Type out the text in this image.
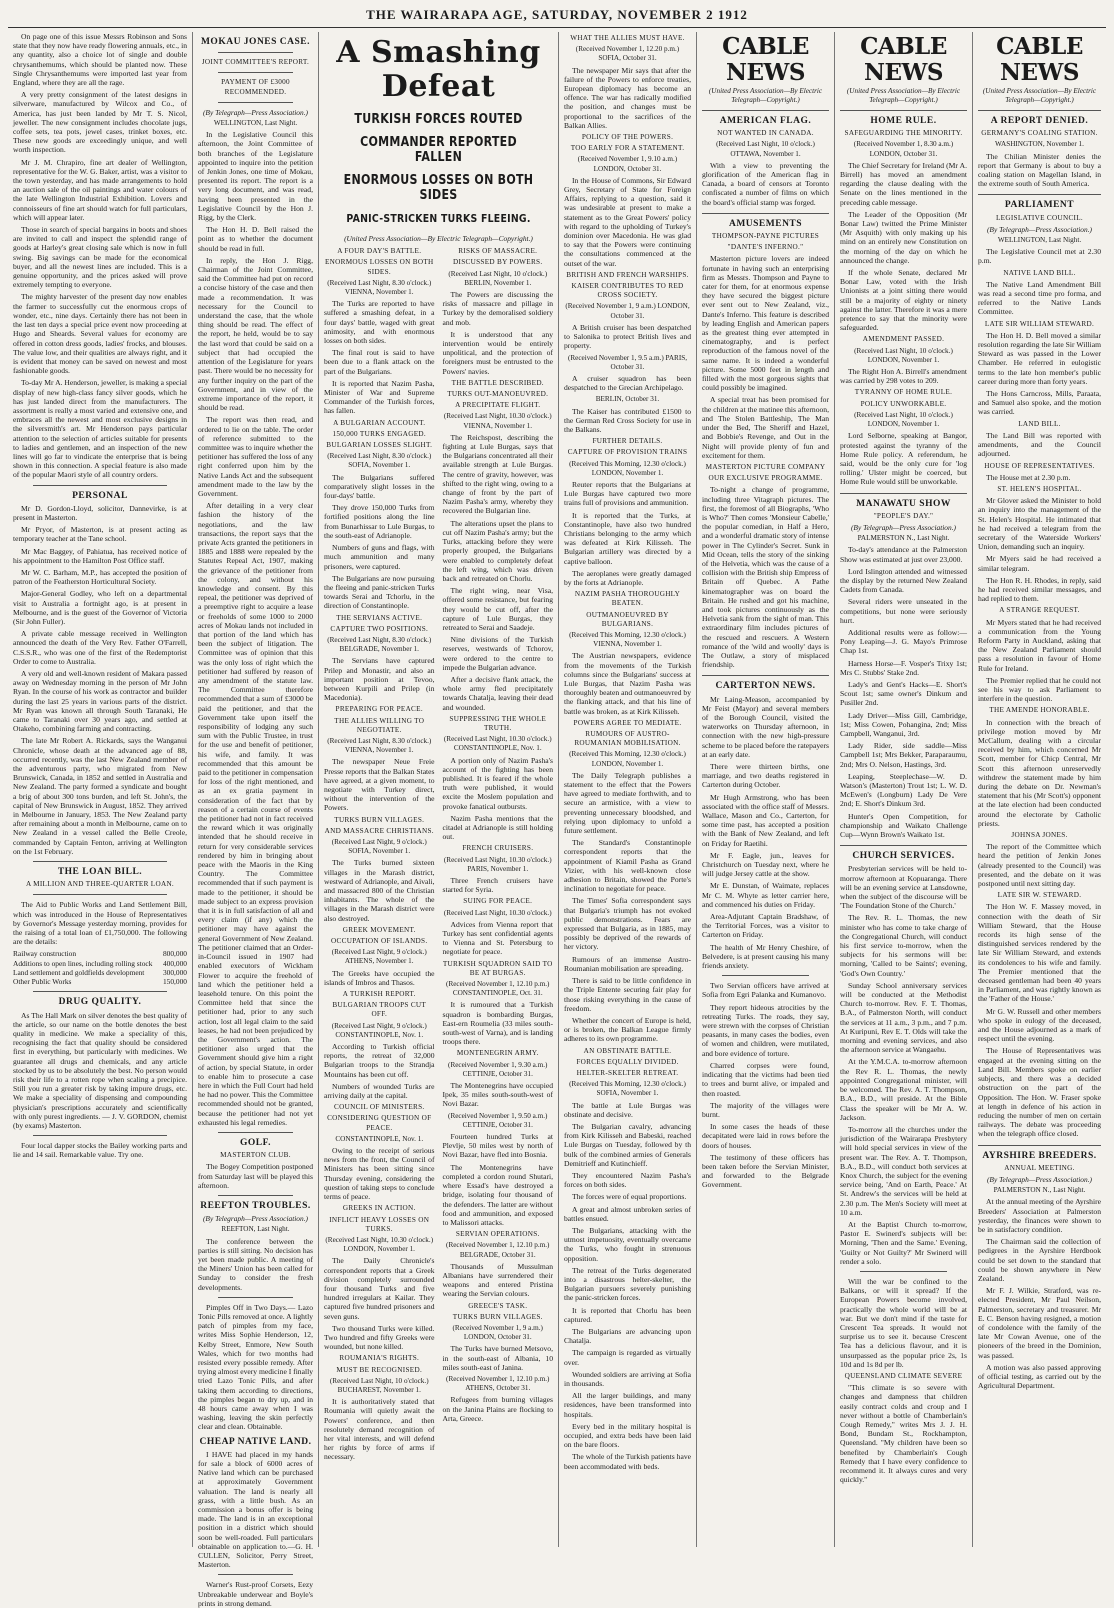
THE WAIRARAPA AGE, SATURDAY, NOVEMBER 2 1912

On page one of this issue Messrs Robinson and Sons state that they now have ready flowering annuals, etc., in any quantity, also a choice lot of single and double chrysanthemums, which should be planted now. These Single Chrysanthemums were imported last year from England, where they are all the rage.

A very pretty consignment of the latest designs in silverware, manufactured by Wilcox and Co., of America, has just been landed by Mr T. S. Nicol, jeweller. The new consignment includes chocolate jugs, coffee sets, tea pots, jewel cases, trinket boxes, etc. These new goods are exceedingly unique, and well worth inspection.

Mr J. M. Chrapiro, fine art dealer of Wellington, representative for the W. G. Baker, artist, was a visitor to the town yesterday, and has made arrangements to hold an auction sale of the oil paintings and water colours of the late Wellington Industrial Exhibition. Lovers and connoisseurs of fine art should watch for full particulars, which will appear later.

Those in search of special bargains in boots and shoes are invited to call and inspect the splendid range of goods at Harley's great closing sale which is now in full swing. Big savings can be made for the economical buyer, and all the newest lines are included. This is a genuine opportunity, and the prices asked will prove extremely tempting to everyone.

The mighty harvester of the present day now enables the farmer to successfully cut the enormous crops of wonder, etc., nine days. Certainly there has not been in the last ten days a special price event now proceeding at Hugo and Sheards. Several values for economy are offered in cotton dress goods, ladies' frocks, and blouses. The value low, and their qualities are always right, and it is evident that money can be saved on newest and most fashionable goods.

To-day Mr A. Henderson, jeweller, is making a special display of new high-class fancy silver goods, which he has just landed direct from the manufacturers. The assortment is really a most varied and extensive one, and embraces all the newest and most exclusive designs in the silversmith's art. Mr Henderson pays particular attention to the selection of articles suitable for presents to ladies and gentlemen, and an inspection of the new lines will go far to vindicate the enterprise that is being shown in this connection. A special feature is also made of the popular Maori style of all country orders.

PERSONAL

Mr D. Gordon-Lloyd, solicitor, Dannevirke, is at present in Masterton.

Mr Pryor, of Masterton, is at present acting as temporary teacher at the Tane school.

Mr Mac Baggey, of Pahiatua, has received notice of his appointment to the Hamilton Post Office staff.

Mr W. C. Barham, M.P., has accepted the position of patron of the Featherston Horticultural Society.

Major-General Godley, who left on a departmental visit to Australia a fortnight ago, is at present in Melbourne, and is the guest of the Governor of Victoria (Sir John Fuller).

A private cable message received in Wellington announced the death of the Very Rev. Father O'Farrell, C.S.S.R., who was one of the first of the Redemptorist Order to come to Australia.

A very old and well-known resident of Makara passed away on Wednesday morning in the person of Mr John Ryan. In the course of his work as contractor and builder during the last 25 years in various parts of the district. Mr Ryan was known all through South Taranaki, He came to Taranaki over 30 years ago, and settled at Otakeho, combining farming and contracting.

The late Mr Robert A. Rickards, says the Wanganui Chronicle, whose death at the advanced age of 88, occurred recently, was the last New Zealand member of the adventurous party, who migrated from New Brunswick, Canada, in 1852 and settled in Australia and New Zealand. The party formed a syndicate and bought a brig of about 300 tons burden, and left St. John's, the capital of New Brunswick in August, 1852. They arrived in Melbourne in January, 1853. The New Zealand party after remaining about a month in Melbourne, came on to New Zealand in a vessel called the Belle Creole, commanded by Captain Fenton, arriving at Wellington on the 1st February.

THE LOAN BILL.
A MILLION AND THREE-QUARTER LOAN.

The Aid to Public Works and Land Settlement Bill, which was introduced in the House of Representatives by Governor's Message yesterday morning, provides for the raising of a total loan of £1,750,000. The following are the details:

Railway construction	800,000
Additions to open lines, including rolling stock 400,000
Land settlement and goldfields development	300,000
Other Public Works	150,000
DRUG QUALITY.

As The Hall Mark on silver denotes the best quality of the article, so our name on the bottle denotes the best quality in medicine. We make a speciality of this, recognising the fact that quality should be considered first in everything, but particularly with medicines. We guarantee all drugs and chemicals, and any article stocked by us to be absolutely the best. No person would risk their life to a rotten rope when scaling a precipice. Still you run a greater risk by taking impure drugs, etc. We make a speciality of dispensing and compounding physician's prescriptions accurately and scientifically with only purest ingredients. — J. V. GORDON, chemist (by exams) Masterton.

Four local dapper stocks the Bailey working parts and lie and 14 sail. Remarkable value. Try one.

MOKAU JONES CASE.
JOINT COMMITTEE'S REPORT.
PAYMENT OF £3000 RECOMMENDED.
(By Telegraph—Press Association.)
WELLINGTON, Last Night.

In the Legislative Council this afternoon, the Joint Committee of both branches of the Legislature appointed to inquire into the petition of Jenkin Jones, one time of Mokau, presented its report. The report is a very long document, and was read, having been presented in the Legislative Council by the Hon J. Rigg, by the Clerk.

The Hon H. D. Bell raised the point as to whether the document should be read in full.

In reply, the Hon J. Rigg, Chairman of the Joint Committee, said the Committee had put on record a concise history of the case and then made a recommendation. It was necessary for the Council to understand the case, that the whole thing should be read. The effect of the report, he held, would be to say the last word that could be said on a subject that had occupied the attention of the Legislature for years past. There would be no necessity for any further inquiry on the part of the Government, and in view of the extreme importance of the report, it should be read.

The report was then read, and ordered to lie on the table. The order of reference submitted to the committee was to inquire whether the petitioner has suffered the loss of any right conferred upon him by the Native Lands Act and the subsequent amendment made to the law by the Government.

After detailing in a very clear fashion the history of the negotiations, and the law transactions, the report says that the private Acts granted the petitioners in 1885 and 1888 were repealed by the Statutes Repeal Act, 1907, making the grievance of the petitioner from the colony, and without his knowledge and consent. By this repeal, the petitioner was deprived of a preemptive right to acquire a lease or freeholds of some 1000 to 2000 acres of Mokau lands not included in that portion of the land which has been the subject of litigation. The Committee was of opinion that this was the only loss of right which the petitioner had suffered by reason of any amendment of the statute law. The Committee therefore recommended that a sum of £3000 be paid the petitioner, and that the Government take upon itself the responsibility of lodging any such sum with the Public Trustee, in trust for the use and benefit of petitioner, his wife, and family. It was recommended that this amount be paid to the petitioner in compensation for loss of the right mentioned, and as an ex gratia payment in consideration of the fact that by reason of a certain course of events the petitioner had not in fact received the reward which it was originally intended that he should receive in return for very considerable services rendered by him in bringing about peace with the Maoris in the King Country. The Committee recommended that if such payment is made to the petitioner, it should be made subject to an express provision that it is in full satisfaction of all and every claim (if any) which the petitioner may have against the general Government of New Zealand. The petitioner claimed that an Order-in-Council issued in 1907 had enabled executors of Wickham Flower to acquire the freehold of land which the petitioner held a leasehold tenure. On this point the Committee held that since the petitioner had, prior to any such action, lost all legal claim to the said leases, he had not been prejudiced by the Government's action. The petitioner also urged that the Government should give him a right of action, by special Statute, in order to enable him to prosecute a case here in which the Full Court had held he had no power. This the Committee recommended should not be granted, because the petitioner had not yet exhausted his legal remedies.

GOLF.
MASTERTON CLUB.

The Bogey Competition postponed from Saturday last will be played this afternoon.

REEFTON TROUBLES.
(By Telegraph—Press Association.)
REEFTON, Last Night.

The conference between the parties is still sitting. No decision has yet been made public. A meeting of the Miners' Union has been called for Sunday to consider the fresh developments.

Pimples Off in Two Days.— Lazo Tonic Pills removed at once. A lightly patch of pimples from my face, writes Miss Sophie Henderson, 12, Kelby Street, Enmore, New South Wales, which for two months had resisted every possible remedy. After trying almost every medicine I finally tried Lazo Tonic Pills, and after taking them according to directions, the pimples began to dry up, and in 48 hours came away when I was washing, leaving the skin perfectly clear and clean. Obtainable.

CHEAP NATIVE LAND.

I HAVE had placed in my hands for sale a block of 6000 acres of Native land which can be purchased at approximately Government valuation. The land is nearly all grass, with a little bush. As an commission a bonus offer is being made. The land is in an exceptional position in a district which should soon be well-roaded. Full particulars obtainable on application to.—G. H. CULLEN, Solicitor, Perry Street, Masterton.

Warner's Rust-proof Corsets, Eezy Unbreakable underwear and Boyle's prints in strong demand.

A Smashing Defeat
TURKISH FORCES ROUTED
COMMANDER REPORTED FALLEN
ENORMOUS LOSSES ON BOTH SIDES
PANIC-STRICKEN TURKS FLEEING.
(United Press Association—By Electric Telegraph—Copyright.)
A FOUR DAY'S BATTLE.
ENORMOUS LOSSES ON BOTH SIDES.
(Received Last Night, 8.30 o'clock.) VIENNA, November 1.

The Turks are reported to have suffered a smashing defeat, in a four days' battle, waged with great animosity, and with enormous losses on both sides.

The final rout is said to have been due to a flank attack on the part of the Bulgarians.

It is reported that Nazim Pasha, Minister of War and Supreme Commander of the Turkish forces, has fallen.

A BULGARIAN ACCOUNT.
150,000 TURKS ENGAGED.
BULGARIAN LOSSES SLIGHT.
(Received Last Night, 8.30 o'clock.) SOFIA, November 1.

The Bulgarians suffered comparatively slight losses in the four-days' battle.

They drove 150,000 Turks from fortified positions along the line from Bunarhissar to Lule Burgas, to the south-east of Adrianople.

Numbers of guns and flags, with much ammunition and many prisoners, were captured.

The Bulgarians are now pursuing the fleeing and panic-stricken Turks towards Serai and Tchorlu, in the direction of Constantinople.

THE SERVIANS ACTIVE.
CAPTURE TWO POSITIONS.
(Received Last Night, 8.30 o'clock.) BELGRADE, November 1.

The Servians have captured Prilep and Monastir, and also an important position at Tevoo, between Kurpili and Prilep (in Macedonia).

PREPARING FOR PEACE.
THE ALLIES WILLING TO NEGOTIATE.
(Received Last Night, 8.30 o'clock.) VIENNA, November 1.

The newspaper Neue Freie Presse reports that the Balkan States have agreed, at a given moment, to negotiate with Turkey direct, without the intervention of the Powers.

TURKS BURN VILLAGES.
AND MASSACRE CHRISTIANS.
(Received Last Night, 9 o'clock.) SOFIA, November 1.

The Turks burned sixteen villages in the Marash district, westward of Adrianople, and Aivali, and massacred 800 of the Christian inhabitants. The whole of the villages in the Marash district were also destroyed.

GREEK MOVEMENT.
OCCUPATION OF ISLANDS.
(Received Last Night, 9 o'clock.) ATHENS, November 1.

The Greeks have occupied the islands of Imbros and Thasos.

A TURKISH REPORT.
BULGARIAN TROOPS CUT OFF.
(Received Last Night, 9 o'clock.) CONSTANTINOPLE, Nov. 1.

According to Turkish official reports, the retreat of 32,000 Bulgarian troops to the Strandja Mountains has been cut off.

Numbers of wounded Turks are arriving daily at the capital.

COUNCIL OF MINISTERS.
CONSIDERING QUESTION OF PEACE.
CONSTANTINOPLE, Nov. 1.

Owing to the receipt of serious news from the front, the Council of Ministers has been sitting since Thursday evening, considering the question of taking steps to conclude terms of peace.

GREEKS IN ACTION.
INFLICT HEAVY LOSSES ON TURKS.
(Received Last Night, 10.30 o'clock.) LONDON, November 1.

The Daily Chronicle's correspondent reports that a Greek division completely surrounded four thousand Turks and five hundred irregulars at Kailar. They captured five hundred prisoners and seven guns.

Two thousand Turks were killed. Two hundred and fifty Greeks were wounded, but none killed.

ROUMANIA'S RIGHTS.
MUST BE RECOGNISED.
(Received Last Night, 10 o'clock.) BUCHAREST, November 1.

It is authoritatively stated that Roumania will quietly await the Powers' conference, and then resolutely demand recognition of her vital interests, and will defend her rights by force of arms if necessary.

RISKS OF MASSACRE.
DISCUSSED BY POWERS.
(Received Last Night, 10 o'clock.) BERLIN, November 1.

The Powers are discussing the risks of massacre and pillage in Turkey by the demoralised soldiery and mob.

It is understood that any intervention would be entirely unpolitical, and the protection of foreigners must be entrusted to the Powers' navies.

THE BATTLE DESCRIBED.
TURKS OUT-MANOEUVRED.
A PRECIPITATE FLIGHT.
(Received Last Night, 10.30 o'clock.) VIENNA, November 1.

The Reichspost, describing the fighting at Lule Burgas, says that the Bulgarians concentrated all their available strength at Lule Burgas. The centre of gravity, however, was shifted to the right wing, owing to a change of front by the part of Nazim Pasha's army, whereby they recovered the Bulgarian line.

The alterations upset the plans to cut off Nazim Pasha's army; but the Turks, attacking before they were properly grouped, the Bulgarians were enabled to completely defeat the left wing, which was driven back and retreated on Chorlu.

The right wing, near Visa, offered some resistance, but fearing they would be cut off, after the capture of Lule Burgas, they retreated to Serai and Saadeje.

Nine divisions of the Turkish reserves, westwards of Tchorov, were ordered to the centre to impede the Bulgarian advance.

After a decisive flank attack, the whole army fled precipitately towards Chatalja, leaving their dead and wounded.

SUPPRESSING THE WHOLE TRUTH.
(Received Last Night, 10.30 o'clock.) CONSTANTINOPLE, Nov. 1.

A portion only of Nazim Pasha's account of the fighting has been published. It is feared if the whole truth were published, it would excite the Moslem population and provoke fanatical outbursts.

Nazim Pasha mentions that the citadel at Adrianople is still holding out.

FRENCH CRUISERS.
(Received Last Night, 10.30 o'clock.) PARIS, November 1.

Three French cruisers have started for Syria.

SUING FOR PEACE.
(Received Last Night, 10.30 o'clock.)

Advices from Vienna report that Turkey has sent confidential agents to Vienna and St. Petersburg to negotiate for peace.

TURKISH SQUADRON SAID TO BE AT BURGAS.
(Received November 1, 12.10 p.m.) CONSTANTINOPLE, Oct. 31.

It is rumoured that a Turkish squadron is bombarding Burgas, East-ern Roumelia (33 miles south-south-west of Varna), and is landing troops there.

MONTENEGRIN ARMY.
(Received November 1, 9.30 a.m.) CETTINJE, October 31.

The Montenegrins have occupied Ipek, 35 miles south-south-west of Novi Bazar.

(Received November 1, 9.50 a.m.) CETTINJE, October 31.

Fourteen hundred Turks at Plevlje, 50 miles west by north of Novi Bazar, have fled into Bosnia.

The Montenegrins have completed a cordon round Shutari, where Essad's have destroyed a bridge, isolating four thousand of the defenders. The latter are without food and ammunition, and exposed to Malissori attacks.

SERVIAN OPERATIONS.
(Received November 1, 12.10 p.m.) BELGRADE, October 31.

Thousands of Mussulman Albanians have surrendered their weapons and entered Pristina wearing the Servian colours.

GREECE'S TASK.
TURKS BURN VILLAGES.
(Received November 1, 9 a.m.) LONDON, October 31.

The Turks have burned Metsovo, in the south-east of Albania, 10 miles south-east of Janina.

(Received November 1, 12.10 p.m.) ATHENS, October 31.

Refugees from burning villages on the Janina Plains are flocking to Arta, Greece.

WHAT THE ALLIES MUST HAVE.
(Received November 1, 12.20 p.m.) SOFIA, October 31.

The newspaper Mir says that after the failure of the Powers to enforce treaties, European diplomacy has become an offence. The war has radically modified the position, and changes must be proportional to the sacrifices of the Balkan Allies.

POLICY OF THE POWERS.
TOO EARLY FOR A STATEMENT.
(Received November 1, 9.10 a.m.) LONDON, October 31.

In the House of Commons, Sir Edward Grey, Secretary of State for Foreign Affairs, replying to a question, said it was undesirable at present to make a statement as to the Great Powers' policy with regard to the upholding of Turkey's dominion over Macedonia. He was glad to say that the Powers were continuing the consultations commenced at the outset of the war.

BRITISH AND FRENCH WARSHIPS.
KAISER CONTRIBUTES TO RED CROSS SOCIETY.
(Received November 1, 9 a.m.) LONDON, October 31.

A British cruiser has been despatched to Salonika to protect British lives and property.

(Received November 1, 9.5 a.m.) PARIS, October 31.

A cruiser squadron has been despatched to the Grecian Archipelago.

BERLIN, October 31.

The Kaiser has contributed £1500 to the German Red Cross Society for use in the Balkans.

FURTHER DETAILS.
CAPTURE OF PROVISION TRAINS
(Received This Morning, 12.30 o'clock.) LONDON, November 1.

Reuter reports that the Bulgarians at Lule Burgas have captured two more trains full of provisions and ammunition.

It is reported that the Turks, at Constantinople, have also two hundred Christians belonging to the army which was defeated at Kirk Kilisseh. The Bulgarian artillery was directed by a captive balloon.

The aeroplanes were greatly damaged by the forts at Adrianople.

NAZIM PASHA THOROUGHLY BEATEN.
OUTMANOEUVRED BY BULGARIANS.
(Received This Morning, 12.30 o'clock.) VIENNA, November 1.

The Austrian newspapers, evidence from the movements of the Turkish columns since the Bulgarians' success at Lule Burgas, that Nazim Pasha was thoroughly beaten and outmanoeuvred by the flanking attack, and that his line of battle was broken, as at Kirk Kilisseh.

POWERS AGREE TO MEDIATE.
RUMOURS OF AUSTRO-ROUMANIAN MOBILISATION.
(Received This Morning, 12.30 o'clock.) LONDON, November 1.

The Daily Telegraph publishes a statement to the effect that the Powers have agreed to mediate forthwith, and to secure an armistice, with a view to preventing unnecessary bloodshed, and relying upon diplomacy to unfold a future settlement.

The Standard's Constantinople correspondent reports that the appointment of Kiamil Pasha as Grand Vizier, with his well-known close adhesion to Britain, showed the Porte's inclination to negotiate for peace.

The Times' Sofia correspondent says that Bulgaria's triumph has not evoked public demonstrations. Fears are expressed that Bulgaria, as in 1885, may possibly be deprived of the rewards of her victory.

Rumours of an immense Austro-Roumanian mobilisation are spreading.

There is said to be little confidence in the Triple Entente securing fair play for those risking everything in the cause of freedom.

Whether the concert of Europe is held, or is broken, the Balkan League firmly adheres to its own programme.

AN OBSTINATE BATTLE.
FORCES EQUALLY DIVIDED.
HELTER-SKELTER RETREAT.
(Received This Morning, 12.30 o'clock.) SOFIA, November 1.

The battle at Lule Burgas was obstinate and decisive.

The Bulgarian cavalry, advancing from Kirk Kilisseh and Babeski, reached Lule Burgas on Tuesday, followed by th bulk of the combined armies of Generals Demitrieff and Kutinchieff.

They encountered Nazim Pasha's forces on both sides.

The forces were of equal proportions.

A great and almost unbroken series of battles ensued.

The Bulgarians, attacking with the utmost impetuosity, eventually overcame the Turks, who fought in strenuous opposition.

The retreat of the Turks degenerated into a disastrous helter-skelter, the Bulgarian pursuers severely punishing the panic-stricken forces.

It is reported that Chorlu has been captured.

The Bulgarians are advancing upon Chatalja.

The campaign is regarded as virtually over.

Wounded soldiers are arriving at Sofia in thousands.

All the larger buildings, and many residences, have been transformed into hospitals.

Every bed in the military hospital is occupied, and extra beds have been laid on the bare floors.

The whole of the Turkish patients have been accommodated with beds.

CABLE NEWS
(United Press Association—By Electric Telegraph—Copyright.)
AMERICAN FLAG.
NOT WANTED IN CANADA.
(Received Last Night, 10 o'clock.) OTTAWA, November 1.

With a view to preventing the glorification of the American flag in Canada, a board of censors at Toronto confiscated a number of films on which the board's official stamp was forged.

AMUSEMENTS
THOMPSON-PAYNE PICTURES
"DANTE'S INFERNO."

Masterton picture lovers are indeed fortunate in having such an enterprising firm as Messrs. Thompson and Payne to cater for them, for at enormous expense they have secured the biggest picture ever sent out to New Zealand, viz., Dante's Inferno. This feature is described by leading English and American papers as the greatest thing ever attempted in cinematography, and is perfect reproduction of the famous novel of the same name. It is indeed a wonderful picture. Some 5000 feet in length and filled with the most gorgeous sights that could possibly be imagined.

A special treat has been promised for the children at the matinee this afternoon, and The Stolen Battleship, The Man under the Bed, The Sheriff and Hazel, and Bobbie's Revenge, and Out in the Night will provide plenty of fun and excitement for them.

MASTERTON PICTURE COMPANY
OUR EXCLUSIVE PROGRAMME.

To-night a change of programme, including three Vitagraph pictures. The first, the foremost of all Biographs, 'Who is Who?' Then comes 'Monsieur Cabelle,' the popular comedian, in Half a Hero, and a wonderful dramatic story of intense power in The Cylinder's Secret. Sunk in Mid Ocean, tells the story of the sinking of the Helvetia, which was the cause of a collision with the British ship Empress of Britain off Quebec. A Pathe kinematographer was on board the Britain. He rushed and got his machine, and took pictures continuously as the Helvetia sank from the sight of man. This extraordinary film includes pictures of the rescued and rescuers. A Western romance of the 'wild and woolly' days is The Outlaw, a story of misplaced friendship.

CARTERTON NEWS.

Mr Laing-Meason, accompanied by Mr Feist (Mayor) and several members of the Borough Council, visited the waterworks on Thursday afternoon, in connection with the new high-pressure scheme to be placed before the ratepayers at an early date.

There were thirteen births, one marriage, and two deaths registered in Carterton during October.

Mr Hugh Armstrong, who has been associated with the office staff of Messrs. Wallace, Mason and Co., Carterton, for some time past, has accepted a position with the Bank of New Zealand, and left on Friday for Raetihi.

Mr F. Eagle, jun., leaves for Christchurch on Tuesday next, where he will judge Jersey cattle at the show.

Mr E. Dunstan, of Waimate, replaces Mr C. M. Whyte as letter carrier here, and commenced his duties on Friday.

Area-Adjutant Captain Bradshaw, of the Territorial Forces, was a visitor to Carterton on Friday.

The health of Mr Henry Cheshire, of Belvedere, is at present causing his many friends anxiety.

Two Servian officers have arrived at Sofia from Egri Palanka and Kumanovo.

They report hideous atrocities by the retreating Turks. The roads, they say, were strewn with the corpses of Christian peasants, in many cases the bodies, even of women and children, were mutilated, and bore evidence of torture.

Charred corpses were found, indicating that the victims had been tied to trees and burnt alive, or impaled and then roasted.

The majority of the villages were burnt.

In some cases the heads of these decapitated were laid in rows before the doors of houses.

The testimony of these officers has been taken before the Servian Minister, and forwarded to the Belgrade Government.

CABLE NEWS
(United Press Association—By Electric Telegraph—Copyright.)
HOME RULE.
SAFEGUARDING THE MINORITY.
(Received November 1, 8.30 a.m.) LONDON, October 31.

The Chief Secretary for Ireland (Mr A. Birrell) has moved an amendment regarding the clause dealing with the Senate on the lines mentioned in the preceding cable message.

The Leader of the Opposition (Mr Bonar Law) twitted the Prime Minister (Mr Asquith) with only making up his mind on an entirely new Constitution on the morning of the day on which he announced the change.

If the whole Senate, declared Mr Bonar Law, voted with the Irish Unionists at a joint sitting there would still be a majority of eighty or ninety against the latter. Therefore it was a mere pretence to say that the minority were safeguarded.

AMENDMENT PASSED.
(Received Last Night, 10 o'clock.) LONDON, November 1.

The Right Hon A. Birrell's amendment was carried by 298 votes to 209.

TYRANNY OF HOME RULE.
POLICY UNWORKABLE.
(Received Last Night, 10 o'clock.) LONDON, November 1.

Lord Selborne, speaking at Bangor, protested against the tyranny of the Home Rule policy. A referendum, he said, would be the only cure for 'log rolling.' Ulster might be coerced, but Home Rule would still be unworkable.

MANAWATU SHOW
"PEOPLE'S DAY."
(By Telegraph—Press Association.)
PALMERSTON N., Last Night.

To-day's attendance at the Palmerston Show was estimated at just over 23,000.

Lord Islington attended and witnessed the display by the returned New Zealand Cadets from Canada.

Several riders were unseated in the competitions, but none were seriously hurt.

Additional results were as follow:— Pony Leaping—J. G. Mayo's Primrose Chap 1st.

Harness Horse—F. Vosper's Trixy 1st; Mrs C. Stubbs' Stake 2nd.

Lady's and Gent's Hacks—E. Short's Scout 1st; same owner's Dinkum and Pusiller 2nd.

Lady Driver—Miss Gill, Cambridge, 1st; Miss Cowen, Pohangina, 2nd; Miss Campbell, Wanganui, 3rd.

Lady Rider, side saddle—Miss Campbell 1st; Mrs Bekker, Paraparaumu, 2nd; Mrs O. Nelson, Hastings, 3rd.

Leaping, Steeplechase—W. D. Watson's (Masterton) Trout 1st; L. W. D. McEwen's (Longburn) Lady De Vere 2nd; E. Short's Dinkum 3rd.

Hunter's Open Competition, for championship and Waikato Challenge Cup—Wynn Brown's Waikato 1st.

CHURCH SERVICES.

Presbyterian services will be held to-morrow afternoon at Kopuaranga. There will be an evening service at Lansdowne, when the subject of the discourse will be 'The Foundation Stone of the Church.'

The Rev. R. L. Thomas, the new minister who has come to take charge of the Congregational Church, will conduct his first service to-morrow, when the subjects for his sermons will be: morning, 'Called to be Saints'; evening, 'God's Own Country.'

Sunday School anniversary services will be conducted at the Methodist Church to-morrow. Rev. F. T. Thomas, B.A., of Palmerston North, will conduct the services at 11 a.m., 3 p.m., and 7 p.m. At Kuripuni, Rev E. T. Olds will take the morning and evening services, and also the afternoon service at Wangaehu.

At the Y.M.C.A. to-morrow afternoon the Rev R. L. Thomas, the newly appointed Congregational minister, will be welcomed. The Rev. A. T. Thompson, B.A., B.D., will preside. At the Bible Class the speaker will be Mr A. W. Jackson.

To-morrow all the churches under the jurisdiction of the Wairarapa Presbytery will hold special services in view of the present war. The Rev. A. T. Thompson, B.A., B.D., will conduct both services at Knox Church, the subject for the evening service being, 'And on Earth, Peace.' At St. Andrew's the services will be held at 2.30 p.m. The Men's Society will meet at 10 a.m.

At the Baptist Church to-morrow, Pastor E. Swinerd's subjects will be: Morning, 'Then and the Same.' Evening, 'Guilty or Not Guilty?' Mr Swinerd will render a solo.

Will the war be confined to the Balkans, or will it spread? If the European Powers become involved, practically the whole world will be at war. But we don't mind if the taste for Crescent Tea spreads. It would not surprise us to see it. because Crescent Tea has a delicious flavour, and it is unsurpassed as the popular price 2s, 1s 10d and 1s 8d per lb.

QUEENSLAND CLIMATE SEVERE

"This climate is so severe with changes and dampness that children easily contract colds and croup and I never without a bottle of Chamberlain's Cough Remedy," writes Mrs J. J. H. Bond, Bundam St., Rockhampton, Queensland. "My children have been so benefited by Chamberlain's Cough Remedy that I have every confidence to recommend it. It always cures and very quickly."

CABLE NEWS
(United Press Association—By Electric Telegraph—Copyright.)
A REPORT DENIED.
GERMANY'S COALING STATION.
WASHINGTON, November 1.

The Chilian Minister denies the report that Germany is about to buy a coaling station on Magellan Island, in the extreme south of South America.

PARLIAMENT
LEGISLATIVE COUNCIL.
(By Telegraph—Press Association.)
WELLINGTON, Last Night.

The Legislative Council met at 2.30 p.m.

NATIVE LAND BILL.

The Native Land Amendment Bill was read a second time pro forma, and referred to the Native Lands Committee.

LATE SIR WILLIAM STEWARD.

The Hon H. D. Bell moved a similar resolution regarding the late Sir William Steward as was passed in the Lower Chamber. He referred in eulogistic terms to the late hon member's public career during more than forty years.

The Hons Carncross, Mills, Paraata, and Samuel also spoke, and the motion was carried.

LAND BILL.

The Land Bill was reported with amendments, and the Council adjourned.

HOUSE OF REPRESENTATIVES.

The House met at 2.30 p.m.

ST. HELEN'S HOSPITAL.

Mr Glover asked the Minister to hold an inquiry into the management of the St. Helen's Hospital. He intimated that he had received a telegram from the secretary of the Waterside Workers' Union, demanding such an inquiry.

Mr Myers said he had received a similar telegram.

The Hon R. H. Rhodes, in reply, said he had received similar messages, and had replied to them.

A STRANGE REQUEST.

Mr Myers stated that he had received a communication from the Young Reform Party in Auckland, asking that the New Zealand Parliament should pass a resolution in favour of Home Rule for Ireland.

The Premier replied that he could not see his way to ask Parliament to interfere in the question.

THE AMENDE HONORABLE.

In connection with the breach of privilege motion moved by Mr McCallum, dealing with a circular received by him, which concerned Mr Scott, member for Chicp Central, Mr Scott this afternoon unreservedly withdrew the statement made by him during the debate on Dr. Newman's statement that his (Mr Scott's) opponent at the late election had been conducted around the electorate by Catholic priests.

JOHNSA JONES.

The report of the Committee which heard the petition of Jenkin Jones (already presented to the Council) was presented, and the debate on it was postponed until next sitting day.

LATE SIR W. STEWARD.

The Hon W. F. Massey moved, in connection with the death of Sir William Steward, that the House records its high sense of the distinguished services rendered by the late Sir William Steward, and extends its condolences to his wife and family. The Premier mentioned that the deceased gentleman had been 40 years in Parliament, and was rightly known as the 'Father of the House.'

Mr G. W. Russell and other members who spoke in eulogy of the deceased, and the House adjourned as a mark of respect until the evening.

The House of Representatives was engaged at the evening sitting on the Land Bill. Members spoke on earlier subjects, and there was a decided obstruction on the part of the Opposition. The Hon. W. Fraser spoke at length in defence of his action in reducing the number of men on certain railways. The debate was proceeding when the telegraph office closed.

AYRSHIRE BREEDERS.
ANNUAL MEETING.
(By Telegraph—Press Association.)
PALMERSTON N., Last Night.

At the annual meeting of the Ayrshire Breeders' Association at Palmerston yesterday, the finances were shown to be in satisfactory condition.

The Chairman said the collection of pedigrees in the Ayrshire Herdbook could be set down to the standard that could be shown anywhere in New Zealand.

Mr F. J. Wilkie, Stratford, was re-elected President, Mr Paul Neilson, Palmerston, secretary and treasurer. Mr E. C. Benson having resigned, a motion of condolence with the family of the late Mr Cowan Avenue, one of the pioneers of the breed in the Dominion, was passed.

A motion was also passed approving of official testing, as carried out by the Agricultural Department.
